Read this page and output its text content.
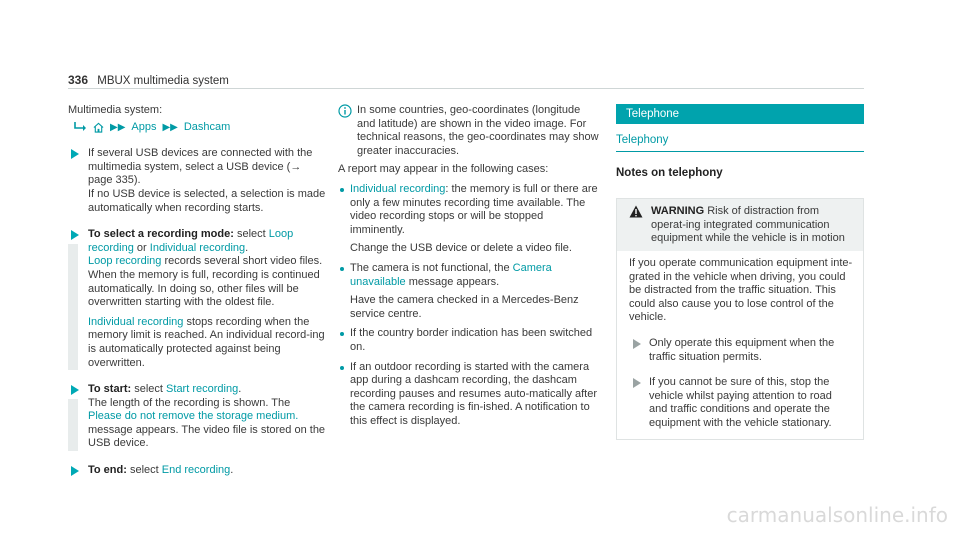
336 MBUX multimedia system
Multimedia system:
▶▶ Apps ▶▶ Dashcam
If several USB devices are connected with the multimedia system, select a USB device (→ page 335).
If no USB device is selected, a selection is made automatically when recording starts.
To select a recording mode: select Loop recording or Individual recording.
Loop recording records several short video files. When the memory is full, recording is continued automatically. In doing so, other files will be overwritten starting with the oldest file.
Individual recording stops recording when the memory limit is reached. An individual record-ing is automatically protected against being overwritten.
To start: select Start recording.
The length of the recording is shown. The
Please do not remove the storage medium. message appears. The video file is stored on the USB device.
To end: select End recording.
In some countries, geo-coordinates (longitude and latitude) are shown in the video image. For technical reasons, the geo-coordinates may show greater inaccuracies.
A report may appear in the following cases:
Individual recording: the memory is full or there are only a few minutes recording time available. The video recording stops or will be stopped imminently.
Change the USB device or delete a video file.
The camera is not functional, the Camera unavailable message appears.
Have the camera checked in a Mercedes-Benz service centre.
If the country border indication has been switched on.
If an outdoor recording is started with the camera app during a dashcam recording, the dashcam recording pauses and resumes auto-matically after the camera recording is fin-ished. A notification to this effect is displayed.
Telephone
Telephony
Notes on telephony
WARNING Risk of distraction from operat-ing integrated communication equipment while the vehicle is in motion
If you operate communication equipment inte-grated in the vehicle when driving, you could be distracted from the traffic situation. This could also cause you to lose control of the vehicle.
Only operate this equipment when the traffic situation permits.
If you cannot be sure of this, stop the vehicle whilst paying attention to road and traffic conditions and operate the equipment with the vehicle stationary.
carmanualsonline.info
